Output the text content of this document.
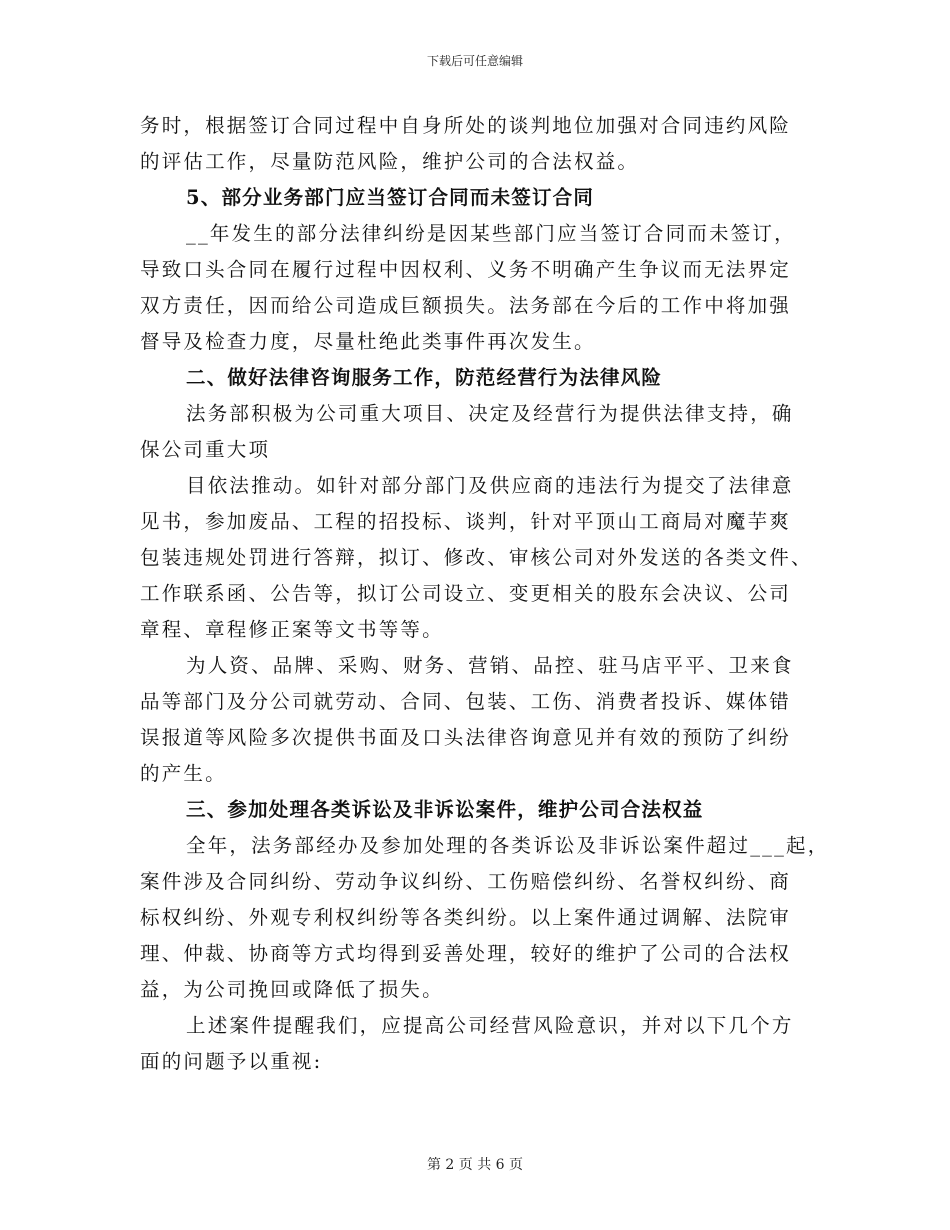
下载后可任意编辑
务时，根据签订合同过程中自身所处的谈判地位加强对合同违约风险
的评估工作，尽量防范风险，维护公司的合法权益。
5、部分业务部门应当签订合同而未签订合同
__年发生的部分法律纠纷是因某些部门应当签订合同而未签订，
导致口头合同在履行过程中因权利、义务不明确产生争议而无法界定
双方责任，因而给公司造成巨额损失。法务部在今后的工作中将加强
督导及检查力度，尽量杜绝此类事件再次发生。
二、做好法律咨询服务工作，防范经营行为法律风险
法务部积极为公司重大项目、决定及经营行为提供法律支持，确
保公司重大项
目依法推动。如针对部分部门及供应商的违法行为提交了法律意
见书，参加废品、工程的招投标、谈判，针对平顶山工商局对魔芋爽
包装违规处罚进行答辩，拟订、修改、审核公司对外发送的各类文件、
工作联系函、公告等，拟订公司设立、变更相关的股东会决议、公司
章程、章程修正案等文书等等。
为人资、品牌、采购、财务、营销、品控、驻马店平平、卫来食
品等部门及分公司就劳动、合同、包装、工伤、消费者投诉、媒体错
误报道等风险多次提供书面及口头法律咨询意见并有效的预防了纠纷
的产生。
三、参加处理各类诉讼及非诉讼案件，维护公司合法权益
全年，法务部经办及参加处理的各类诉讼及非诉讼案件超过___起，
案件涉及合同纠纷、劳动争议纠纷、工伤赔偿纠纷、名誉权纠纷、商
标权纠纷、外观专利权纠纷等各类纠纷。以上案件通过调解、法院审
理、仲裁、协商等方式均得到妥善处理，较好的维护了公司的合法权
益，为公司挽回或降低了损失。
上述案件提醒我们，应提高公司经营风险意识，并对以下几个方
面的问题予以重视:
第 2 页 共 6 页
